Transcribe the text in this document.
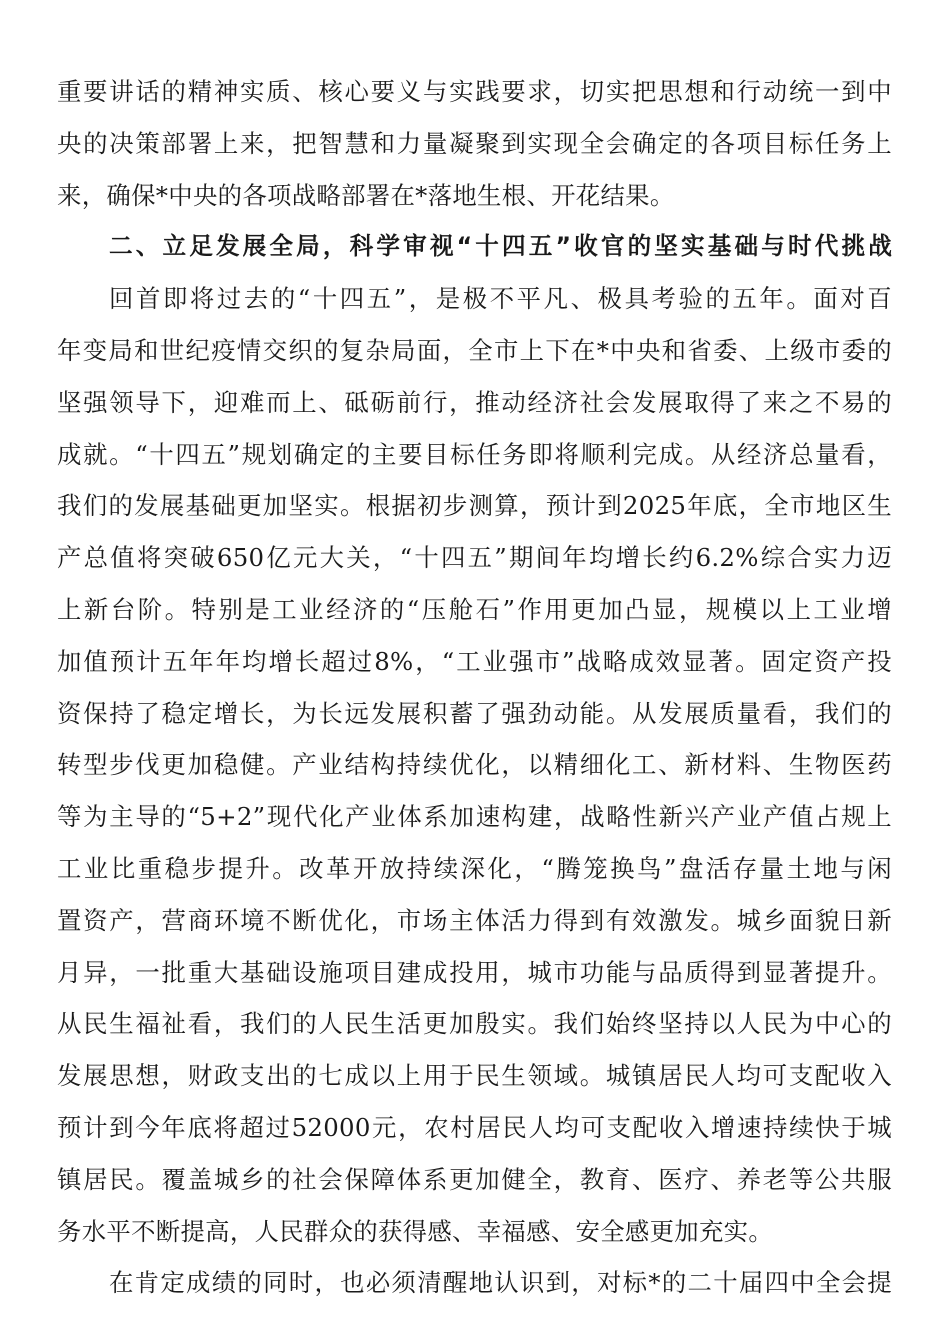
重要讲话的精神实质、核心要义与实践要求，切实把思想和行动统一到中
央的决策部署上来，把智慧和力量凝聚到实现全会确定的各项目标任务上
来，确保*中央的各项战略部署在*落地生根、开花结果。
二、立足发展全局，科学审视“十四五”收官的坚实基础与时代挑战
回首即将过去的“十四五”，是极不平凡、极具考验的五年。面对百
年变局和世纪疫情交织的复杂局面，全市上下在*中央和省委、上级市委的
坚强领导下，迎难而上、砥砺前行，推动经济社会发展取得了来之不易的
成就。“十四五”规划确定的主要目标任务即将顺利完成。从经济总量看，
我们的发展基础更加坚实。根据初步测算，预计到2025年底，全市地区生
产总值将突破650亿元大关，“十四五”期间年均增长约6.2%综合实力迈
上新台阶。特别是工业经济的“压舱石”作用更加凸显，规模以上工业增
加值预计五年年均增长超过8%，“工业强市”战略成效显著。固定资产投
资保持了稳定增长，为长远发展积蓄了强劲动能。从发展质量看，我们的
转型步伐更加稳健。产业结构持续优化，以精细化工、新材料、生物医药
等为主导的“5+2”现代化产业体系加速构建，战略性新兴产业产值占规上
工业比重稳步提升。改革开放持续深化，“腾笼换鸟”盘活存量土地与闲
置资产，营商环境不断优化，市场主体活力得到有效激发。城乡面貌日新
月异，一批重大基础设施项目建成投用，城市功能与品质得到显著提升。
从民生福祉看，我们的人民生活更加殷实。我们始终坚持以人民为中心的
发展思想，财政支出的七成以上用于民生领域。城镇居民人均可支配收入
预计到今年底将超过52000元，农村居民人均可支配收入增速持续快于城
镇居民。覆盖城乡的社会保障体系更加健全，教育、医疗、养老等公共服
务水平不断提高，人民群众的获得感、幸福感、安全感更加充实。
在肯定成绩的同时，也必须清醒地认识到，对标*的二十届四中全会提
